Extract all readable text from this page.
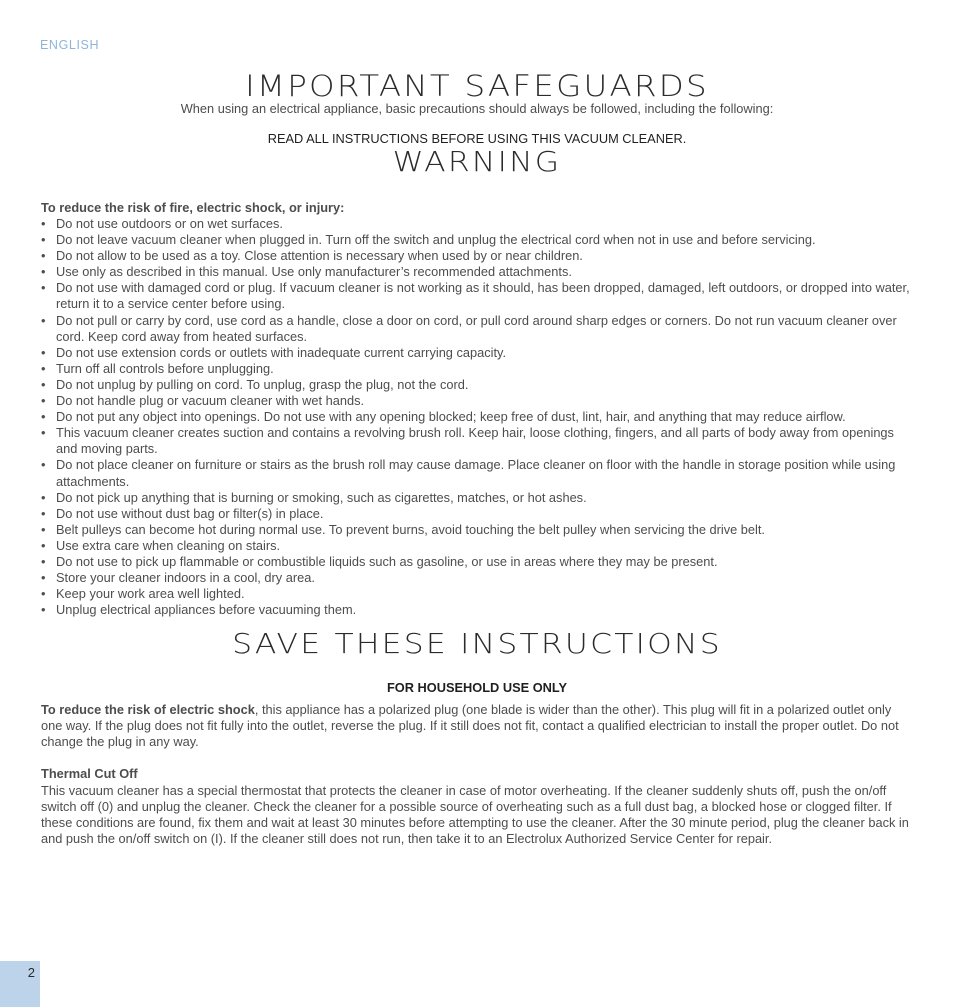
ENGLISH
IMPORTANT SAFEGUARDS
When using an electrical appliance, basic precautions should always be followed, including the following:
READ ALL INSTRUCTIONS BEFORE USING THIS VACUUM CLEANER.
WARNING
To reduce the risk of fire, electric shock, or injury:
• Do not use outdoors or on wet surfaces.
• Do not leave vacuum cleaner when plugged in. Turn off the switch and unplug the electrical cord when not in use and before servicing.
• Do not allow to be used as a toy. Close attention is necessary when used by or near children.
• Use only as described in this manual. Use only manufacturer’s recommended attachments.
• Do not use with damaged cord or plug. If vacuum cleaner is not working as it should, has been dropped, damaged, left outdoors, or dropped into water, return it to a service center before using.
• Do not pull or carry by cord, use cord as a handle, close a door on cord, or pull cord around sharp edges or corners. Do not run vacuum cleaner over cord. Keep cord away from heated surfaces.
• Do not use extension cords or outlets with inadequate current carrying capacity.
• Turn off all controls before unplugging.
• Do not unplug by pulling on cord. To unplug, grasp the plug, not the cord.
• Do not handle plug or vacuum cleaner with wet hands.
• Do not put any object into openings. Do not use with any opening blocked; keep free of dust, lint, hair, and anything that may reduce airflow.
• This vacuum cleaner creates suction and contains a revolving brush roll. Keep hair, loose clothing, fingers, and all parts of body away from openings and moving parts.
• Do not place cleaner on furniture or stairs as the brush roll may cause damage. Place cleaner on floor with the handle in storage position while using attachments.
• Do not pick up anything that is burning or smoking, such as cigarettes, matches, or hot ashes.
• Do not use without dust bag or filter(s) in place.
• Belt pulleys can become hot during normal use. To prevent burns, avoid touching the belt pulley when servicing the drive belt.
• Use extra care when cleaning on stairs.
• Do not use to pick up flammable or combustible liquids such as gasoline, or use in areas where they may be present.
• Store your cleaner indoors in a cool, dry area.
• Keep your work area well lighted.
• Unplug electrical appliances before vacuuming them.
SAVE THESE INSTRUCTIONS
FOR HOUSEHOLD USE ONLY

To reduce the risk of electric shock, this appliance has a polarized plug (one blade is wider than the other). This plug will fit in a polarized outlet only one way. If the plug does not fit fully into the outlet, reverse the plug. If it still does not fit, contact a qualified electrician to install the proper outlet. Do not change the plug in any way.

Thermal Cut Off

This vacuum cleaner has a special thermostat that protects the cleaner in case of motor overheating. If the cleaner suddenly shuts off, push the on/off switch off (0) and unplug the cleaner. Check the cleaner for a possible source of overheating such as a full dust bag, a blocked hose or clogged filter. If these conditions are found, fix them and wait at least 30 minutes before attempting to use the cleaner. After the 30 minute period, plug the cleaner back in and push the on/off switch on (I). If the cleaner still does not run, then take it to an Electrolux Authorized Service Center for repair.

2
